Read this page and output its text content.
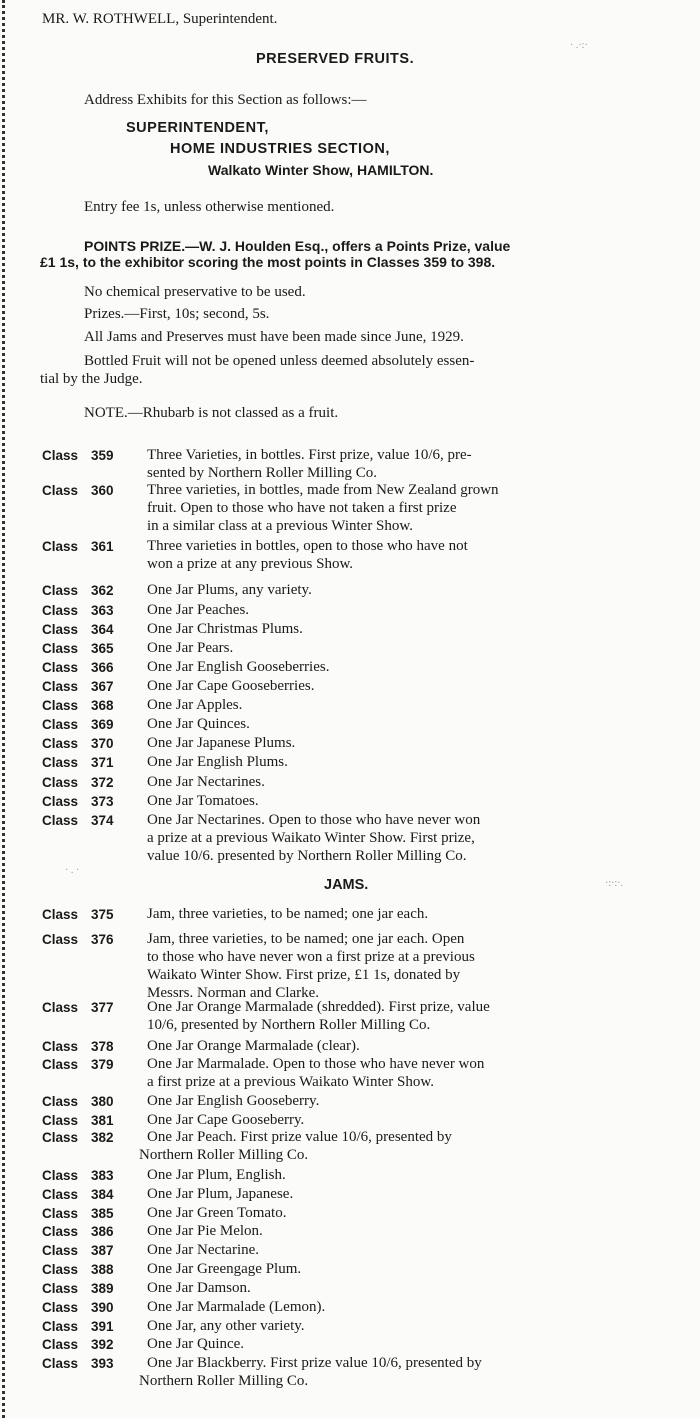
MR. W. ROTHWELL, Superintendent.
PRESERVED FRUITS.
Address Exhibits for this Section as follows:—
SUPERINTENDENT,
HOME INDUSTRIES SECTION,
Walkato Winter Show, HAMILTON.
Entry fee 1s, unless otherwise mentioned.
POINTS PRIZE.—W. J. Houlden Esq., offers a Points Prize, value
£1 1s, to the exhibitor scoring the most points in Classes 359 to 398.
No chemical preservative to be used.
Prizes.—First, 10s; second, 5s.
All Jams and Preserves must have been made since June, 1929.
Bottled Fruit will not be opened unless deemed absolutely essen-
tial by the Judge.
NOTE.—Rhubarb is not classed as a fruit.
Class 359 Three Varieties, in bottles. First prize, value 10/6, pre-
sented by Northern Roller Milling Co.
Class 360 Three varieties, in bottles, made from New Zealand grown
fruit. Open to those who have not taken a first prize
in a similar class at a previous Winter Show.
Class 361 Three varieties in bottles, open to those who have not
won a prize at any previous Show.
Class 362 One Jar Plums, any variety.
Class 363 One Jar Peaches.
Class 364 One Jar Christmas Plums.
Class 365 One Jar Pears.
Class 366 One Jar English Gooseberries.
Class 367 One Jar Cape Gooseberries.
Class 368 One Jar Apples.
Class 369 One Jar Quinces.
Class 370 One Jar Japanese Plums.
Class 371 One Jar English Plums.
Class 372 One Jar Nectarines.
Class 373 One Jar Tomatoes.
Class 374 One Jar Nectarines. Open to those who have never won
a prize at a previous Waikato Winter Show. First prize,
value 10/6. presented by Northern Roller Milling Co.
JAMS.
Class 375 Jam, three varieties, to be named; one jar each.
Class 376 Jam, three varieties, to be named; one jar each. Open
to those who have never won a first prize at a previous
Waikato Winter Show. First prize, £1 1s, donated by
Messrs. Norman and Clarke.
Class 377 One Jar Orange Marmalade (shredded). First prize, value
10/6, presented by Northern Roller Milling Co.
Class 378 One Jar Orange Marmalade (clear).
Class 379 One Jar Marmalade. Open to those who have never won
a first prize at a previous Waikato Winter Show.
Class 380 One Jar English Gooseberry.
Class 381 One Jar Cape Gooseberry.
Class 382 One Jar Peach. First prize value 10/6, presented by
Northern Roller Milling Co.
Class 383 One Jar Plum, English.
Class 384 One Jar Plum, Japanese.
Class 385 One Jar Green Tomato.
Class 386 One Jar Pie Melon.
Class 387 One Jar Nectarine.
Class 388 One Jar Greengage Plum.
Class 389 One Jar Damson.
Class 390 One Jar Marmalade (Lemon).
Class 391 One Jar, any other variety.
Class 392 One Jar Quince.
Class 393 One Jar Blackberry. First prize value 10/6, presented by
Northern Roller Milling Co.
· .·:·
·:·:·.
· . ·
